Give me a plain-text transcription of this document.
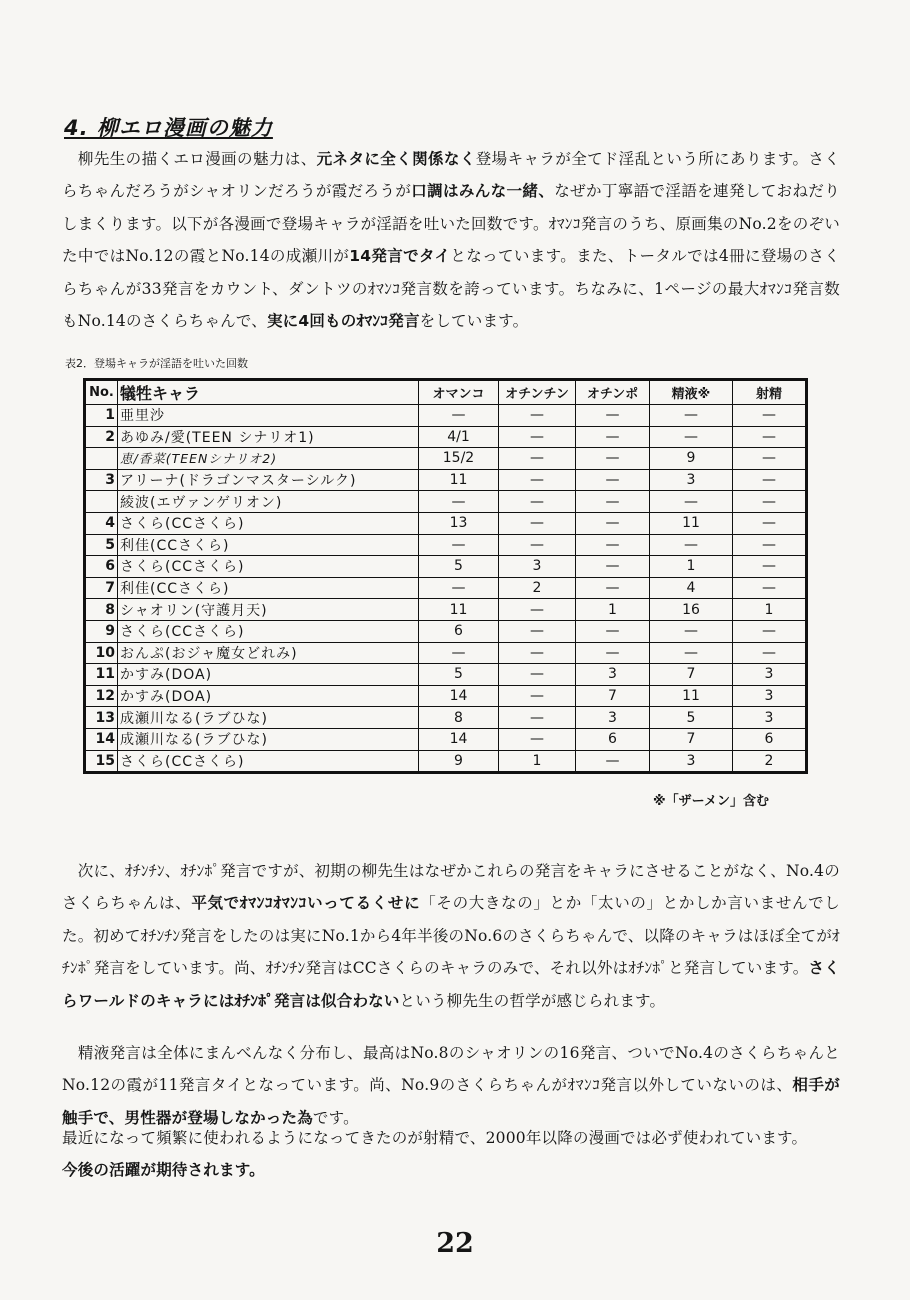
4. 柳エロ漫画の魅力

　柳先生の描くエロ漫画の魅力は、元ネタに全く関係なく登場キャラが全てド淫乱という所にあります。さくらちゃんだろうがシャオリンだろうが霞だろうが口調はみんな一緒、なぜか丁寧語で淫語を連発しておねだりしまくります。以下が各漫画で登場キャラが淫語を吐いた回数です。ｵﾏﾝｺ発言のうち、原画集のNo.2をのぞいた中ではNo.12の霞とNo.14の成瀬川が14発言でタイとなっています。また、トータルでは4冊に登場のさくらちゃんが33発言をカウント、ダントツのｵﾏﾝｺ発言数を誇っています。ちなみに、1ページの最大ｵﾏﾝｺ発言数もNo.14のさくらちゃんで、実に4回ものｵﾏﾝｺ発言をしています。

表2．登場キャラが淫語を吐いた回数

No.	犠牲キャラ	オマンコ	オチンチン	オチンポ	精液※	射精
1	亜里沙	—	—	—	—	—
2	あゆみ/愛(TEEN シナリオ1)	4/1	—	—	—	—
	恵/香菜(TEENシナリオ2)	15/2	—	—	9	—
3	アリーナ(ドラゴンマスターシルク)	11	—	—	3	—
	綾波(エヴァンゲリオン)	—	—	—	—	—
4	さくら(CCさくら)	13	—	—	11	—
5	利佳(CCさくら)	—	—	—	—	—
6	さくら(CCさくら)	5	3	—	1	—
7	利佳(CCさくら)	—	2	—	4	—
8	シャオリン(守護月天)	11	—	1	16	1
9	さくら(CCさくら)	6	—	—	—	—
10	おんぷ(おジャ魔女どれみ)	—	—	—	—	—
11	かすみ(DOA)	5	—	3	7	3
12	かすみ(DOA)	14	—	7	11	3
13	成瀬川なる(ラブひな)	8	—	3	5	3
14	成瀬川なる(ラブひな)	14	—	6	7	6
15	さくら(CCさくら)	9	1	—	3	2

※「ザーメン」含む

　次に、ｵﾁﾝﾁﾝ、ｵﾁﾝﾎﾟ発言ですが、初期の柳先生はなぜかこれらの発言をキャラにさせることがなく、No.4のさくらちゃんは、平気でｵﾏﾝｺｵﾏﾝｺいってるくせに「その大きなの」とか「太いの」とかしか言いませんでした。初めてｵﾁﾝﾁﾝ発言をしたのは実にNo.1から4年半後のNo.6のさくらちゃんで、以降のキャラはほぼ全てがｵﾁﾝﾎﾟ発言をしています。尚、ｵﾁﾝﾁﾝ発言はCCさくらのキャラのみで、それ以外はｵﾁﾝﾎﾟと発言しています。さくらワールドのキャラにはｵﾁﾝﾎﾟ発言は似合わないという柳先生の哲学が感じられます。

　精液発言は全体にまんべんなく分布し、最高はNo.8のシャオリンの16発言、ついでNo.4のさくらちゃんとNo.12の霞が11発言タイとなっています。尚、No.9のさくらちゃんがｵﾏﾝｺ発言以外していないのは、相手が触手で、男性器が登場しなかった為です。

最近になって頻繁に使われるようになってきたのが射精で、2000年以降の漫画では必ず使われています。
今後の活躍が期待されます。

22
